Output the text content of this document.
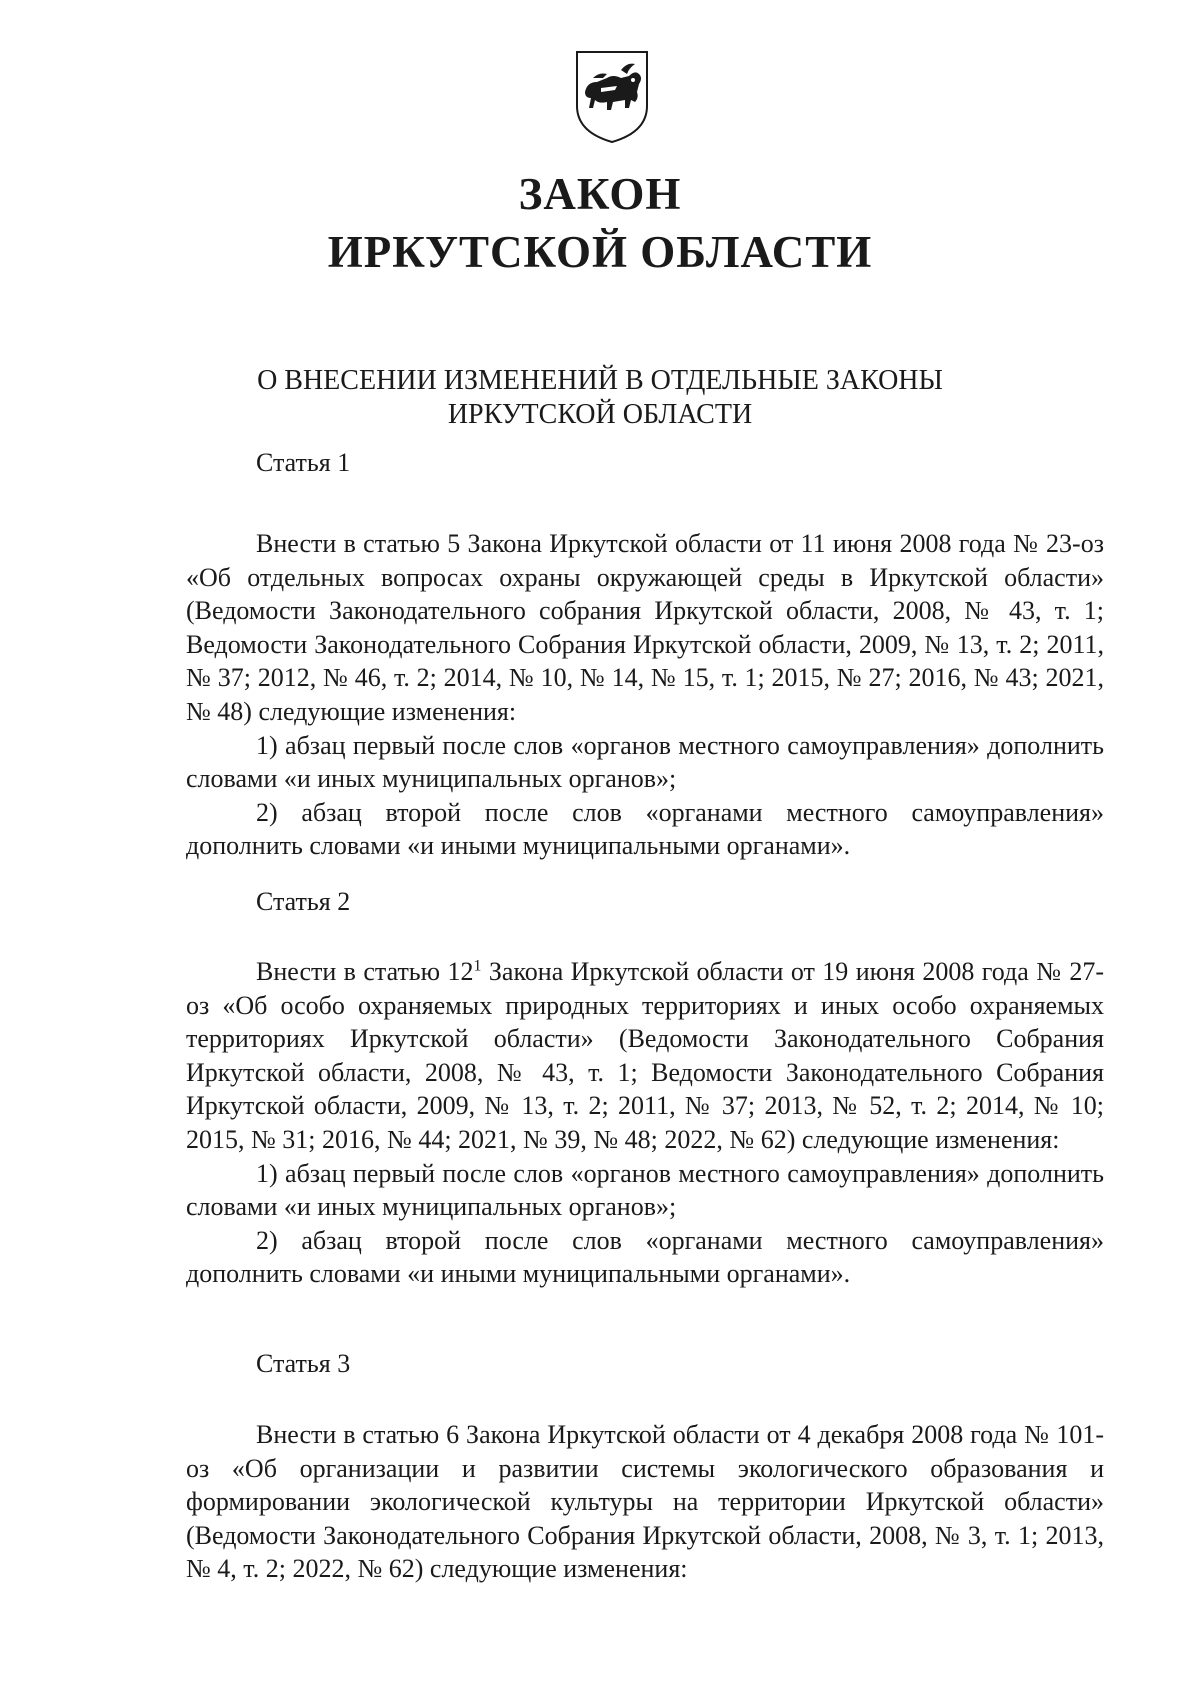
ЗАКОН
ИРКУТСКОЙ ОБЛАСТИ
О ВНЕСЕНИИ ИЗМЕНЕНИЙ В ОТДЕЛЬНЫЕ ЗАКОНЫ
ИРКУТСКОЙ ОБЛАСТИ
Статья 1

Внести в статью 5 Закона Иркутской области от 11 июня 2008 года № 23-оз «Об отдельных вопросах охраны окружающей среды в Иркутской области» (Ведомости Законодательного собрания Иркутской области, 2008, № 43, т. 1; Ведомости Законодательного Собрания Иркутской области, 2009, № 13, т. 2; 2011, № 37; 2012, № 46, т. 2; 2014, № 10, № 14, № 15, т. 1; 2015, № 27; 2016, № 43; 2021, № 48) следующие изменения:

1) абзац первый после слов «органов местного самоуправления» дополнить словами «и иных муниципальных органов»;

2) абзац второй после слов «органами местного самоуправления» дополнить словами «и иными муниципальными органами».

Статья 2

Внести в статью $12^1$ Закона Иркутской области от 19 июня 2008 года № 27-оз «Об особо охраняемых природных территориях и иных особо охраняемых территориях Иркутской области» (Ведомости Законодательного Собрания Иркутской области, 2008, № 43, т. 1; Ведомости Законодательного Собрания Иркутской области, 2009, № 13, т. 2; 2011, № 37; 2013, № 52, т. 2; 2014, № 10; 2015, № 31; 2016, № 44; 2021, № 39, № 48; 2022, № 62) следующие изменения:

1) абзац первый после слов «органов местного самоуправления» дополнить словами «и иных муниципальных органов»;

2) абзац второй после слов «органами местного самоуправления» дополнить словами «и иными муниципальными органами».

Статья 3

Внести в статью 6 Закона Иркутской области от 4 декабря 2008 года № 101-оз «Об организации и развитии системы экологического образования и формировании экологической культуры на территории Иркутской области» (Ведомости Законодательного Собрания Иркутской области, 2008, № 3, т. 1; 2013, № 4, т. 2; 2022, № 62) следующие изменения:
